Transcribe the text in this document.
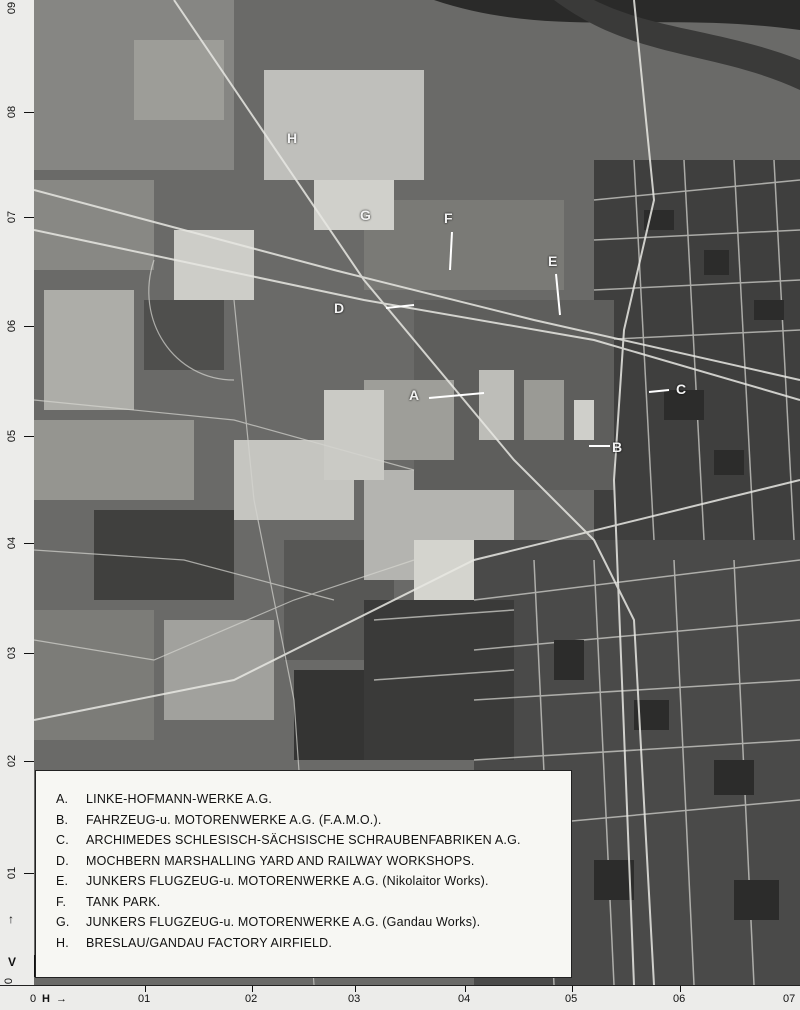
H
G	F
E
D
A	C
B
09
08
07
06
05
04
03
02
01
0
↑
V
0 H →	01	02	03	04	05	06	07
A. LINKE-HOFMANN-WERKE A.G.
B. FAHRZEUG-u. MOTORENWERKE A.G. (F.A.M.O.).
C. ARCHIMEDES SCHLESISCH-SÄCHSISCHE SCHRAUBENFABRIKEN A.G.
D. MOCHBERN MARSHALLING YARD AND RAILWAY WORKSHOPS.
E. JUNKERS FLUGZEUG-u. MOTORENWERKE A.G. (Nikolaitor Works).
F. TANK PARK.
G. JUNKERS FLUGZEUG-u. MOTORENWERKE A.G. (Gandau Works).
H. BRESLAU/GANDAU FACTORY AIRFIELD.
